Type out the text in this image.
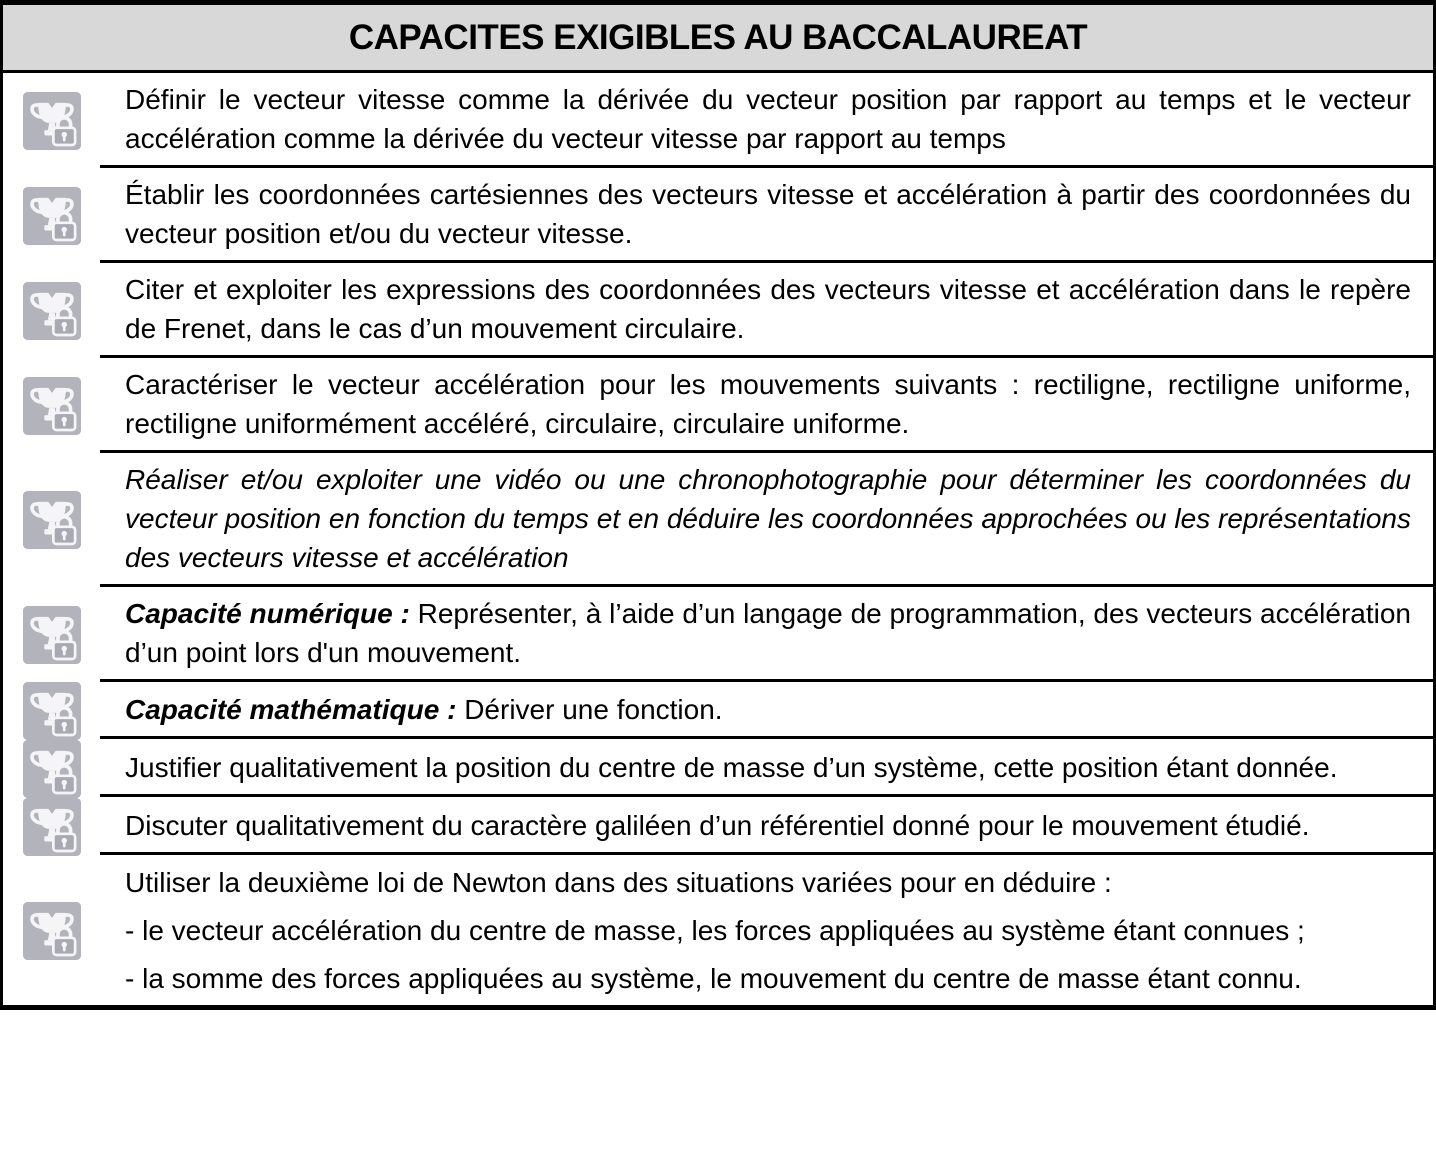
CAPACITES EXIGIBLES AU BACCALAUREAT

Définir le vecteur vitesse comme la dérivée du vecteur position par rapport au temps et le vecteur accélération comme la dérivée du vecteur vitesse par rapport au temps

Établir les coordonnées cartésiennes des vecteurs vitesse et accélération à partir des coordonnées du vecteur position et/ou du vecteur vitesse.

Citer et exploiter les expressions des coordonnées des vecteurs vitesse et accélération dans le repère de Frenet, dans le cas d’un mouvement circulaire.

Caractériser le vecteur accélération pour les mouvements suivants : rectiligne, rectiligne uniforme, rectiligne uniformément accéléré, circulaire, circulaire uniforme.

Réaliser et/ou exploiter une vidéo ou une chronophotographie pour déterminer les coordonnées du vecteur position en fonction du temps et en déduire les coordonnées approchées ou les représentations des vecteurs vitesse et accélération

Capacité numérique : Représenter, à l’aide d’un langage de programmation, des vecteurs accélération d’un point lors d'un mouvement.

Capacité mathématique : Dériver une fonction.

Justifier qualitativement la position du centre de masse d’un système, cette position étant donnée.

Discuter qualitativement du caractère galiléen d’un référentiel donné pour le mouvement étudié.

Utiliser la deuxième loi de Newton dans des situations variées pour en déduire :

- le vecteur accélération du centre de masse, les forces appliquées au système étant connues ;

- la somme des forces appliquées au système, le mouvement du centre de masse étant connu.
